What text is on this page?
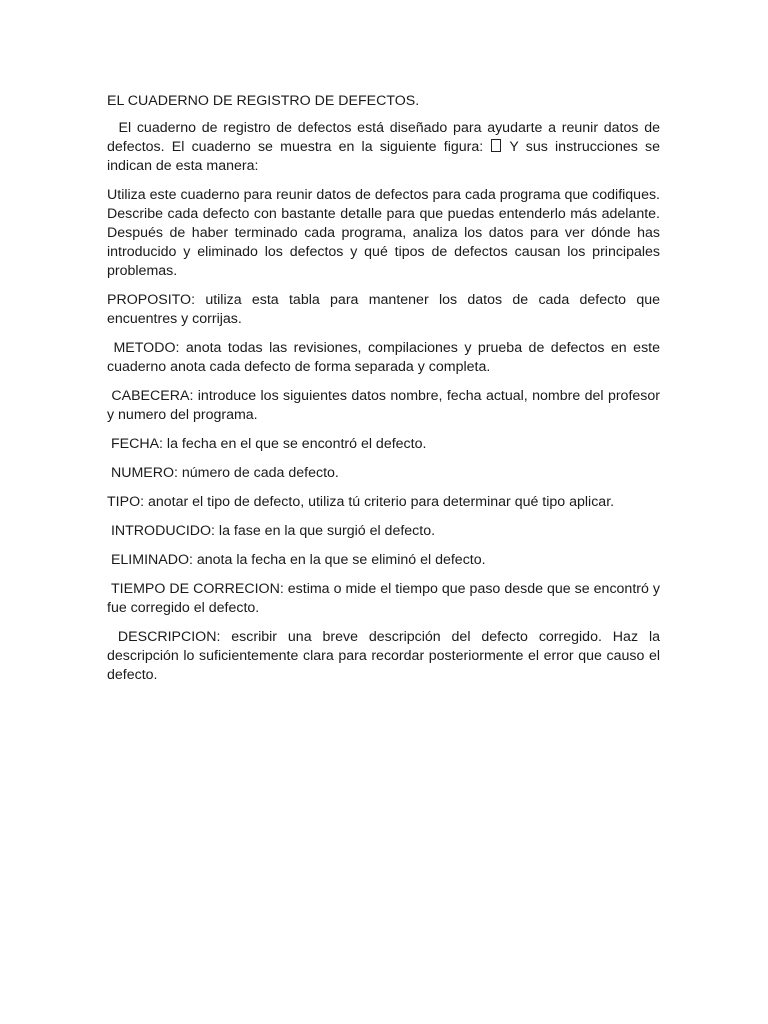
EL CUADERNO DE REGISTRO DE DEFECTOS.

El cuaderno de registro de defectos está diseñado para ayudarte a reunir datos de defectos. El cuaderno se muestra en la siguiente figura:  Y sus instrucciones se indican de esta manera:

Utiliza este cuaderno para reunir datos de defectos para cada programa que codifiques. Describe cada defecto con bastante detalle para que puedas entenderlo más adelante. Después de haber terminado cada programa, analiza los datos para ver dónde has introducido y eliminado los defectos y qué tipos de defectos causan los principales problemas.

PROPOSITO: utiliza esta tabla para mantener los datos de cada defecto que encuentres y corrijas.

METODO: anota todas las revisiones, compilaciones y prueba de defectos en este cuaderno anota cada defecto de forma separada y completa.

CABECERA: introduce los siguientes datos nombre, fecha actual, nombre del profesor y numero del programa.

FECHA: la fecha en el que se encontró el defecto.

NUMERO: número de cada defecto.

TIPO: anotar el tipo de defecto, utiliza tú criterio para determinar qué tipo aplicar.

INTRODUCIDO: la fase en la que surgió el defecto.

ELIMINADO: anota la fecha en la que se eliminó el defecto.

TIEMPO DE CORRECION: estima o mide el tiempo que paso desde que se encontró y fue corregido el defecto.

DESCRIPCION: escribir una breve descripción del defecto corregido. Haz la descripción lo suficientemente clara para recordar posteriormente el error que causo el defecto.
